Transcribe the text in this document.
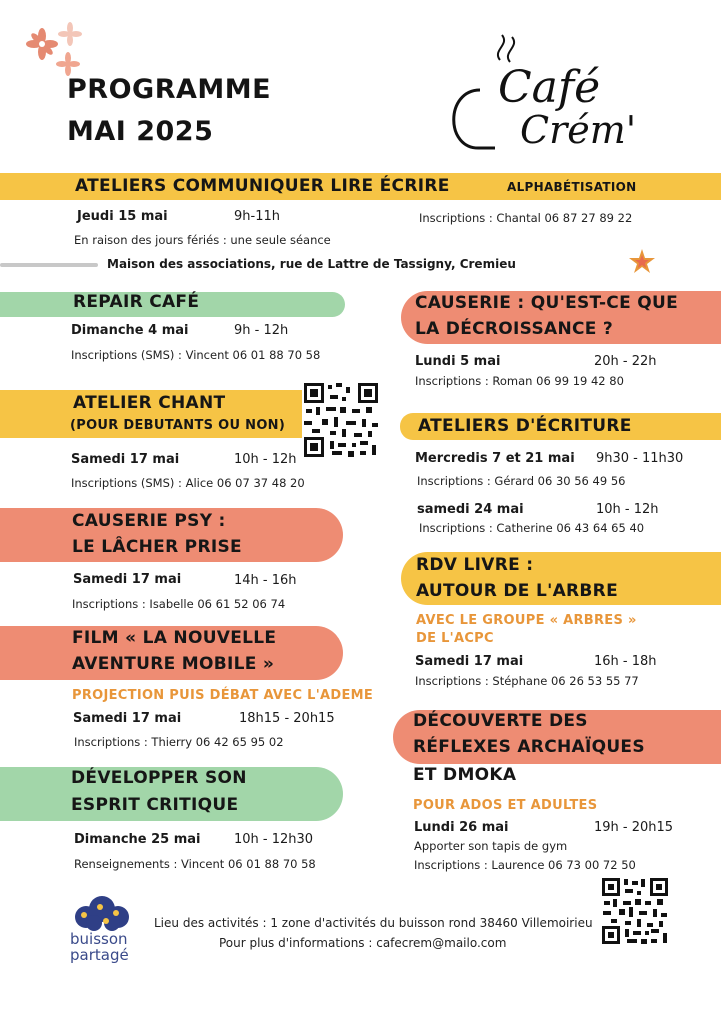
PROGRAMME
MAI 2025
Café
Crém'
ATELIERS COMMUNIQUER LIRE ÉCRIRE	ALPHABÉTISATION
Jeudi 15 mai	9h-11h	Inscriptions : Chantal 06 87 27 89 22
En raison des jours fériés : une seule séance
Maison des associations, rue de Lattre de Tassigny, Cremieu
REPAIR CAFÉ
Dimanche 4 mai	9h - 12h
Inscriptions (SMS) : Vincent 06 01 88 70 58
ATELIER CHANT
(POUR DEBUTANTS OU NON)
Samedi 17 mai	10h - 12h
Inscriptions (SMS) : Alice 06 07 37 48 20
CAUSERIE PSY :
LE LÂCHER PRISE
Samedi 17 mai	14h - 16h
Inscriptions : Isabelle 06 61 52 06 74
FILM « LA NOUVELLE
AVENTURE MOBILE »
PROJECTION PUIS DÉBAT AVEC L'ADEME
Samedi 17 mai	18h15 - 20h15
Inscriptions : Thierry 06 42 65 95 02
DÉVELOPPER SON
ESPRIT CRITIQUE
Dimanche 25 mai	10h - 12h30
Renseignements : Vincent 06 01 88 70 58
CAUSERIE : QU'EST-CE QUE
LA DÉCROISSANCE ?
Lundi 5 mai	20h - 22h
Inscriptions : Roman 06 99 19 42 80
ATELIERS D'ÉCRITURE
Mercredis 7 et 21 mai 9h30 - 11h30
Inscriptions : Gérard 06 30 56 49 56
samedi 24 mai	10h - 12h
Inscriptions : Catherine 06 43 64 65 40
RDV LIVRE :
AUTOUR DE L'ARBRE
AVEC LE GROUPE « ARBRES »
DE L'ACPC
Samedi 17 mai	16h - 18h
Inscriptions : Stéphane 06 26 53 55 77
DÉCOUVERTE DES
RÉFLEXES ARCHAÏQUES
ET DMOKA
POUR ADOS ET ADULTES
Lundi 26 mai	19h - 20h15
Apporter son tapis de gym
Inscriptions : Laurence 06 73 00 72 50
buisson
partagé
Lieu des activités : 1 zone d'activités du buisson rond 38460 Villemoirieu
Pour plus d'informations : cafecrem@mailo.com
